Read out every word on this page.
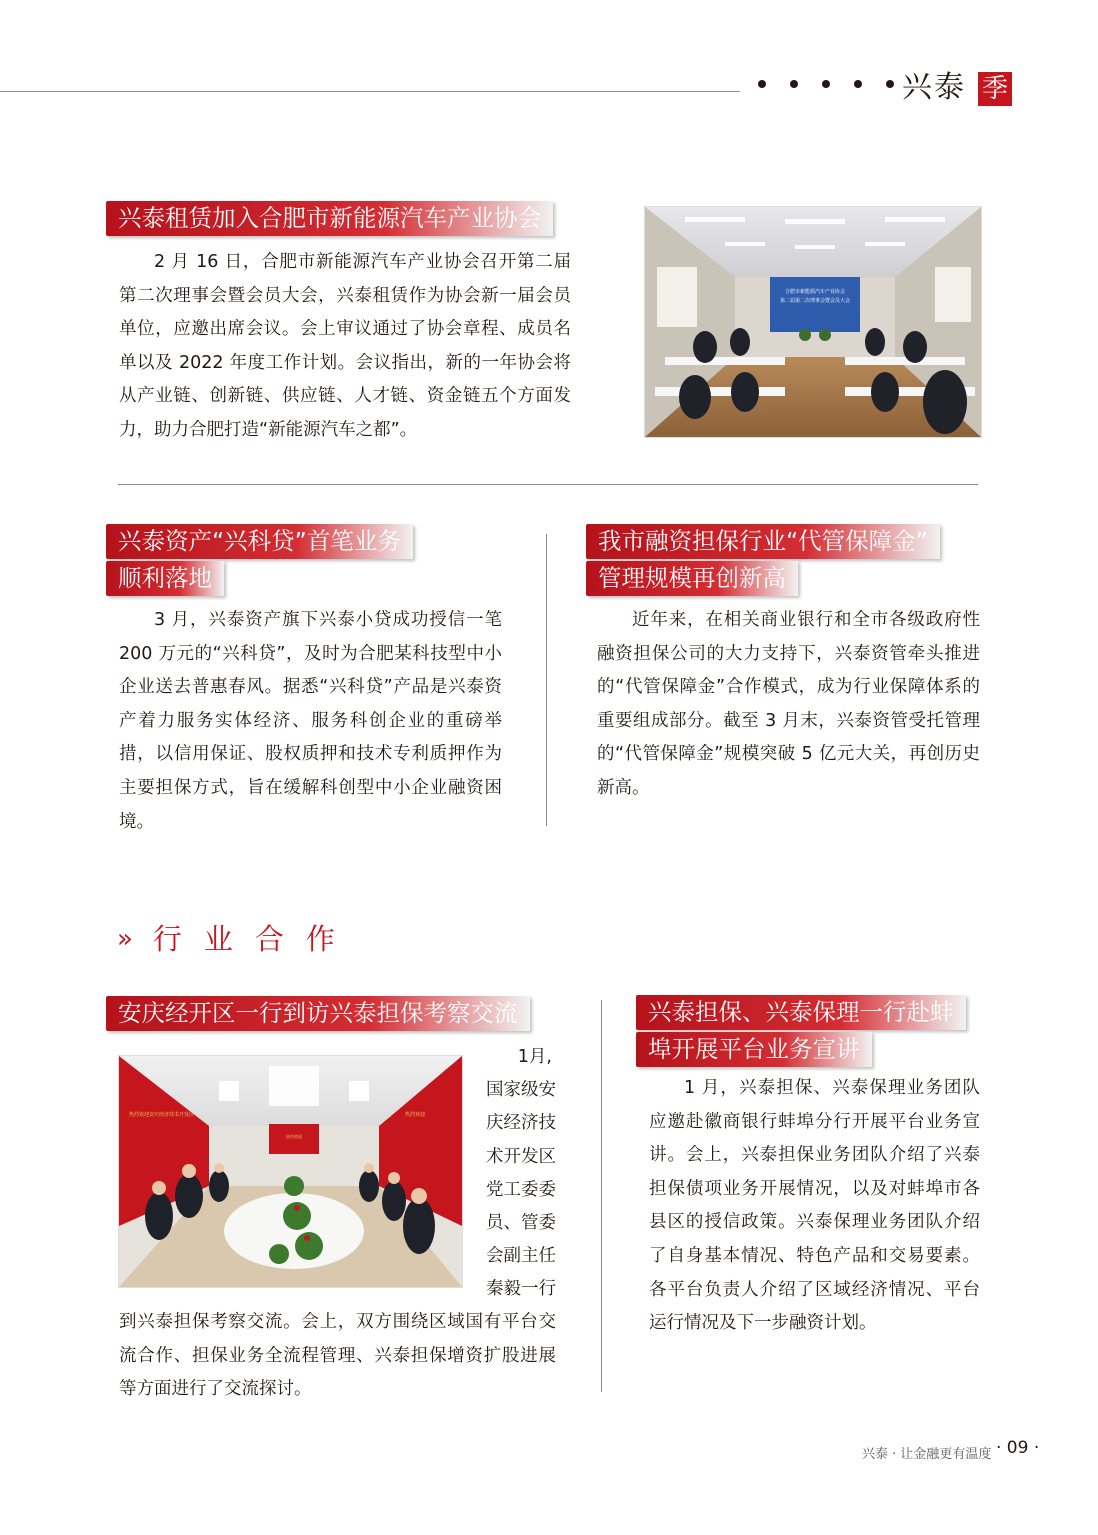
兴泰 季
兴泰租赁加入合肥市新能源汽车产业协会

2 月 16 日，合肥市新能源汽车产业协会召开第二届第二次理事会暨会员大会，兴泰租赁作为协会新一届会员单位，应邀出席会议。会上审议通过了协会章程、成员名单以及 2022 年度工作计划。会议指出，新的一年协会将从产业链、创新链、供应链、人才链、资金链五个方面发力，助力合肥打造“新能源汽车之都”。

合肥市新能源汽车产业协会
第二届第二次理事会暨会员大会
兴泰资产“兴科贷”首笔业务
顺利落地

3 月，兴泰资产旗下兴泰小贷成功授信一笔 200 万元的“兴科贷”，及时为合肥某科技型中小企业送去普惠春风。据悉“兴科贷”产品是兴泰资产着力服务实体经济、服务科创企业的重磅举措，以信用保证、股权质押和技术专利质押作为主要担保方式，旨在缓解科创型中小企业融资困境。

我市融资担保行业“代管保障金”
管理规模再创新高

近年来，在相关商业银行和全市各级政府性融资担保公司的大力支持下，兴泰资管牵头推进的“代管保障金”合作模式，成为行业保障体系的重要组成部分。截至 3 月末，兴泰资管受托管理的“代管保障金”规模突破 5 亿元大关，再创历史新高。

» 行业合作
安庆经开区一行到访兴泰担保考察交流
热烈欢迎
热烈欢迎安庆经济技术开发区	热烈欢迎
1月,
国家级安
庆经济技
术开发区
党工委委
员、管委
会副主任
秦毅一行

到兴泰担保考察交流。会上，双方围绕区域国有平台交流合作、担保业务全流程管理、兴泰担保增资扩股进展等方面进行了交流探讨。

兴泰担保、兴泰保理一行赴蚌
埠开展平台业务宣讲

1 月，兴泰担保、兴泰保理业务团队应邀赴徽商银行蚌埠分行开展平台业务宣讲。会上，兴泰担保业务团队介绍了兴泰担保债项业务开展情况，以及对蚌埠市各县区的授信政策。兴泰保理业务团队介绍了自身基本情况、特色产品和交易要素。各平台负责人介绍了区域经济情况、平台运行情况及下一步融资计划。

兴泰 · 让金融更有温度 · 09 ·
